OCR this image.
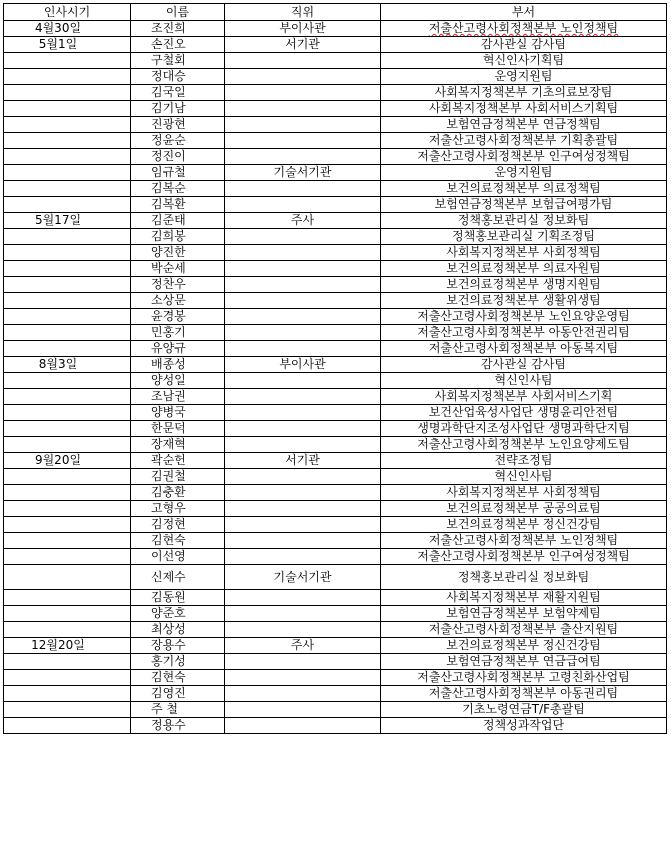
인사시기	이름	직위	부서
4월30일	조진희	부이사관	저출산고령사회정책본부 노인정책팀
5월1일	손진오	서기관	감사관실 감사팀
	구철회		혁신인사기획팀
	정대승		운영지원팀
	김국일		사회복지정책본부 기초의료보장팀
	김기남		사회복지정책본부 사회서비스기획팀
	진광현		보험연금정책본부 연금정책팀
	정윤순		저출산고령사회정책본부 기획총괄팀
	정진이		저출산고령사회정책본부 인구여성정책팀
	임규철	기술서기관	운영지원팀
	김복순		보건의료정책본부 의료정책팀
	김복환		보험연금정책본부 보험급여평가팀
5월17일	김준태	주사	정책홍보관리실 정보화팀
	김희봉		정책홍보관리실 기획조정팀
	양진한		사회복지정책본부 사회정책팀
	박순세		보건의료정책본부 의료자원팀
	정찬우		보건의료정책본부 생명지원팀
	소상문		보건의료정책본부 생활위생팀
	윤경봉		저출산고령사회정책본부 노인요양운영팀
	민홍기		저출산고령사회정책본부 아동안전권리팀
	유양규		저출산고령사회정책본부 아동복지팀
8월3일	배종성	부이사관	감사관실 감사팀
	양성일		혁신인사팀
	조남권		사회복지정책본부 사회서비스기획
	양병국		보건산업육성사업단 생명윤리안전팀
	한문덕		생명과학단지조성사업단 생명과학단지팀
	장재혁		저출산고령사회정책본부 노인요양제도팀
9월20일	곽순헌	서기관	전략조정팀
	김권철		혁신인사팀
	김충환		사회복지정책본부 사회정책팀
	고형우		보건의료정책본부 공공의료팀
	김정현		보건의료정책본부 정신건강팀
	김현숙		저출산고령사회정책본부 노인정책팀
	이선영		저출산고령사회정책본부 인구여성정책팀
	신제수	기술서기관	정책홍보관리실 정보화팀
	김동원		사회복지정책본부 재활지원팀
	양준호		보험연금정책본부 보험약제팀
	최상성		저출산고령사회정책본부 출산지원팀
12월20일	장용수	주사	보건의료정책본부 정신건강팀
	홍기성		보험연금정책본부 연금급여팀
	김현숙		저출산고령사회정책본부 고령친화산업팀
	김영진		저출산고령사회정책본부 아동권리팀
	주 철		기초노령연금T/F총괄팀
	정용수		정책성과작업단
